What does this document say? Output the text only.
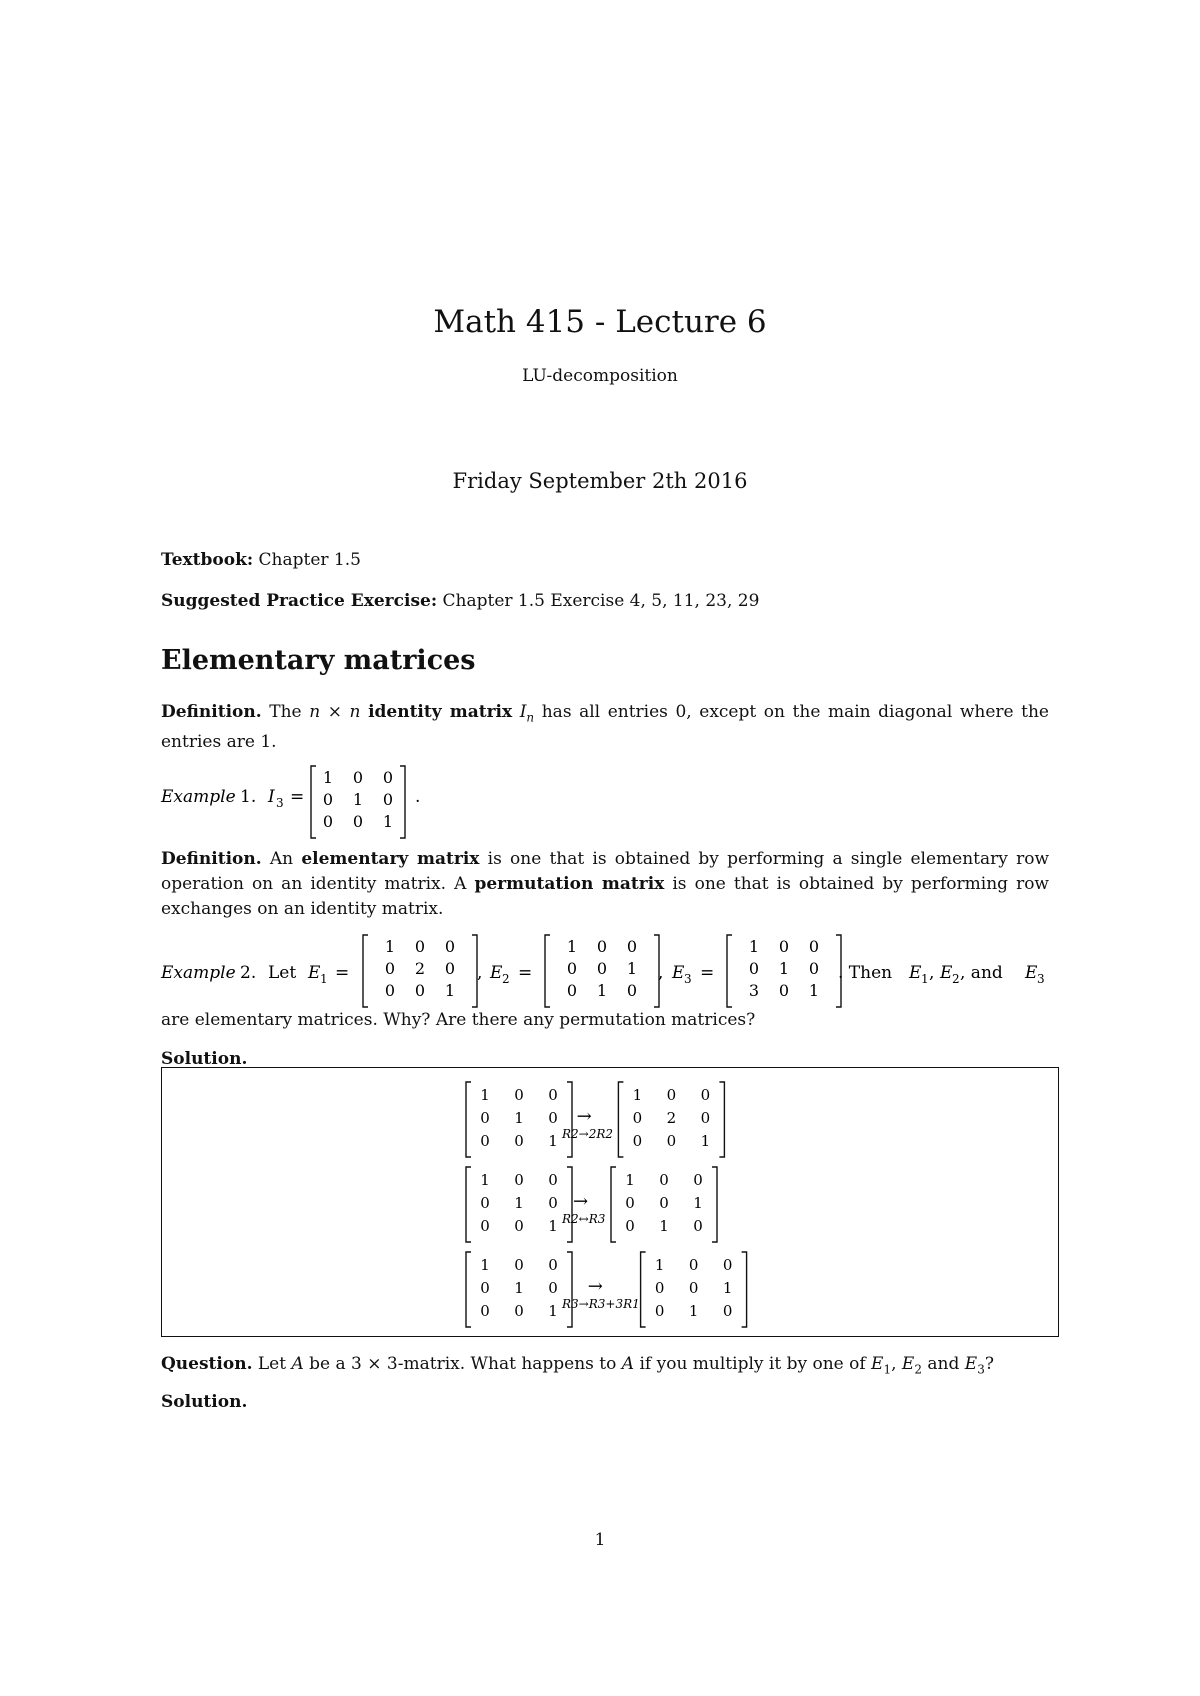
Math 415 - Lecture 6
LU-decomposition
Friday September 2th 2016
Textbook: Chapter 1.5
Suggested Practice Exercise: Chapter 1.5 Exercise 4, 5, 11, 23, 29
Elementary matrices
Definition. The n × n identity matrix $I_n$ has all entries 0, except on the main diagonal where the entries are 1.
Example 1. I 3 =
1 0 0
0 1 0
0 0 1
.
Definition. An elementary matrix is one that is obtained by performing a single elementary row operation on an identity matrix. A permutation matrix is one that is obtained by performing row exchanges on an identity matrix.
Example 2. Let E 1 =
1 0 0
0 2 0
0 0 1
, E 2 =
1 0 0
0 0 1
0 1 0
, E 3 =
1 0 0
0 1 0
3 0 1
. Then E 1 , E 2 , and E 3
are elementary matrices. Why? Are there any permutation matrices?
Solution.
1 0 0
0 1 0
0 0 1
→
R2→2R2
1 0 0
0 2 0
0 0 1
1 0 0
0 1 0
0 0 1
→
R2↔R3
1 0 0
0 0 1
0 1 0
1 0 0
0 1 0
0 0 1
→
R3→R3+3R1
1 0 0
0 0 1
0 1 0
Question. Let A be a 3 × 3-matrix. What happens to A if you multiply it by one of $E_1$, $E_2$ and $E_3$?
Solution.
1
